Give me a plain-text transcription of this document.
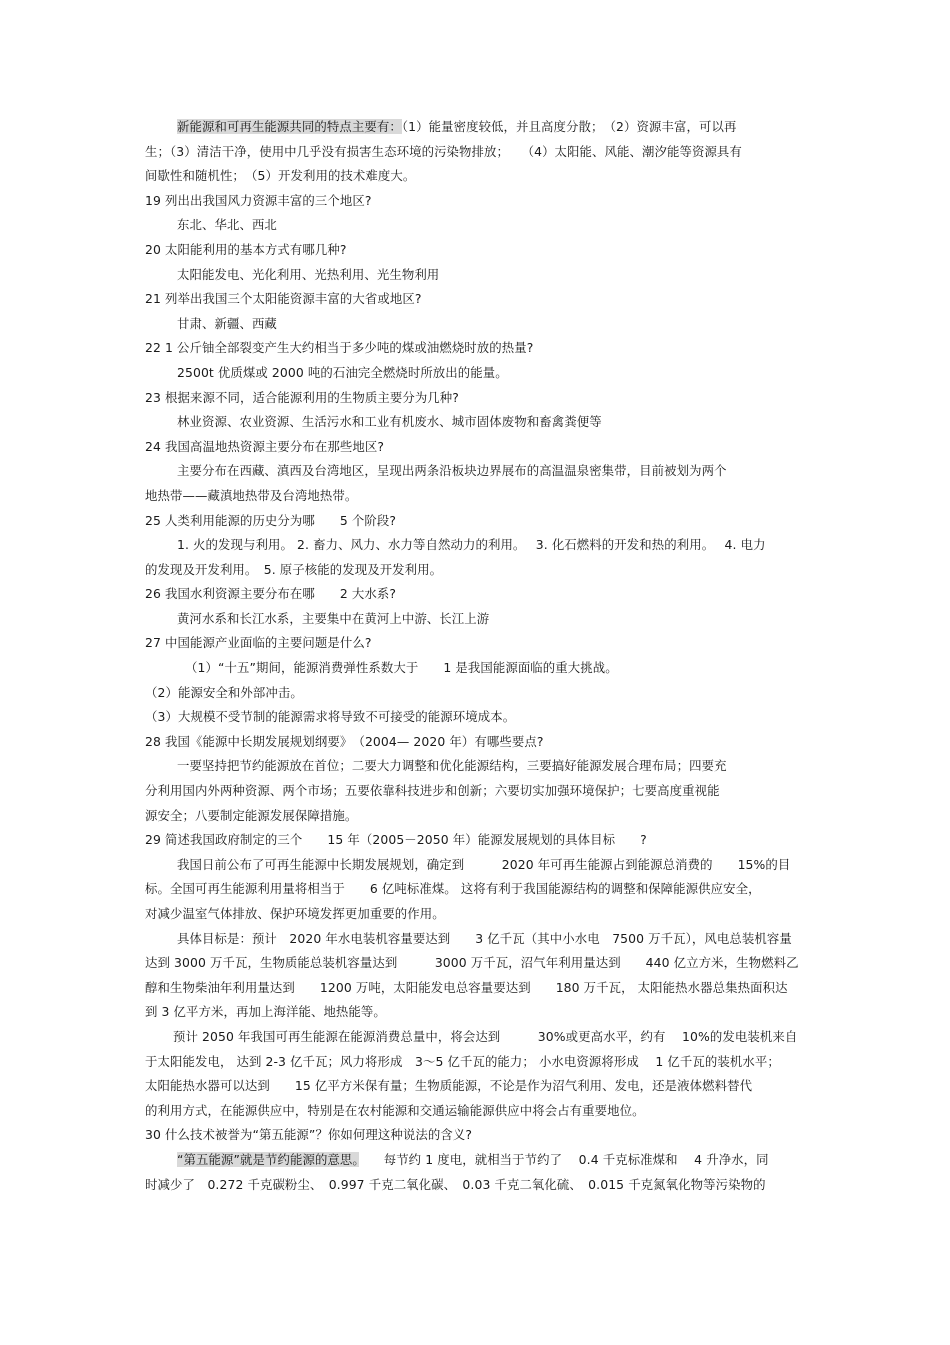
新能源和可再生能源共同的特点主要有：（1）能量密度较低，并且高度分散；　（2）资源丰富，可以再
生；（3）清洁干净，使用中几乎没有损害生态环境的污染物排放；　　（4）太阳能、风能、潮汐能等资源具有
间歇性和随机性；　（5）开发利用的技术难度大。
19 列出出我国风力资源丰富的三个地区?
东北、华北、西北
20 太阳能利用的基本方式有哪几种?
太阳能发电、光化利用、光热利用、光生物利用
21 列举出我国三个太阳能资源丰富的大省或地区?
甘肃、新疆、西藏
22 1 公斤铀全部裂变产生大约相当于多少吨的煤或油燃烧时放的热量?
2500t 优质煤或 2000 吨的石油完全燃烧时所放出的能量。
23 根据来源不同，适合能源利用的生物质主要分为几种?
林业资源、农业资源、生活污水和工业有机废水、城市固体废物和畜禽粪便等
24 我国高温地热资源主要分布在那些地区?
主要分布在西藏、滇西及台湾地区，呈现出两条沿板块边界展布的高温温泉密集带，目前被划为两个
地热带——藏滇地热带及台湾地热带。
25 人类利用能源的历史分为哪　　5 个阶段?
1. 火的发现与利用。 2. 畜力、风力、水力等自然动力的利用。　 3. 化石燃料的开发和热的利用。　 4. 电力
的发现及开发利用。　5. 原子核能的发现及开发利用。
26 我国水利资源主要分布在哪　　2 大水系?
黄河水系和长江水系，主要集中在黄河上中游、长江上游
27 中国能源产业面临的主要问题是什么?
（1）“十五”期间，能源消费弹性系数大于　　1 是我国能源面临的重大挑战。
（2）能源安全和外部冲击。
（3）大规模不受节制的能源需求将导致不可接受的能源环境成本。
28 我国《能源中长期发展规划纲要》　（2004— 2020 年）有哪些要点?
一要坚持把节约能源放在首位；二要大力调整和优化能源结构，三要搞好能源发展合理布局；四要充
分利用国内外两种资源、两个市场；五要依靠科技进步和创新；六要切实加强环境保护；七要高度重视能
源安全；八要制定能源发展保障措施。
29 简述我国政府制定的三个　　15 年（2005－2050 年）能源发展规划的具体目标　　?
我国日前公布了可再生能源中长期发展规划，确定到　　　2020 年可再生能源占到能源总消费的　　15%的目
标。全国可再生能源利用量将相当于　　6 亿吨标准煤。 这将有利于我国能源结构的调整和保障能源供应安全，
对减少温室气体排放、保护环境发挥更加重要的作用。
具体目标是：预计　2020 年水电装机容量要达到　　3 亿千瓦（其中小水电　7500 万千瓦），风电总装机容量
达到 3000 万千瓦，生物质能总装机容量达到　　　3000 万千瓦，沼气年利用量达到　　440 亿立方米，生物燃料乙
醇和生物柴油年利用量达到　　1200 万吨，太阳能发电总容量要达到　　180 万千瓦， 太阳能热水器总集热面积达
到 3 亿平方米，再加上海洋能、地热能等。
预计 2050 年我国可再生能源在能源消费总量中，将会达到　　　30%或更高水平，约有　 10%的发电装机来自
于太阳能发电， 达到 2-3 亿千瓦；风力将形成　3～5 亿千瓦的能力； 小水电资源将形成　 1 亿千瓦的装机水平；
太阳能热水器可以达到　　15 亿平方米保有量；生物质能源，不论是作为沼气利用、发电，还是液体燃料替代
的利用方式，在能源供应中，特别是在农村能源和交通运输能源供应中将会占有重要地位。
30 什么技术被誉为“第五能源”？你如何理这种说法的含义?
“第五能源”就是节约能源的意思。　　每节约 1 度电，就相当于节约了　 0.4 千克标准煤和　 4 升净水，同
时减少了　0.272 千克碳粉尘、　0.997 千克二氧化碳、　0.03 千克二氧化硫、　0.015 千克氮氧化物等污染物的
